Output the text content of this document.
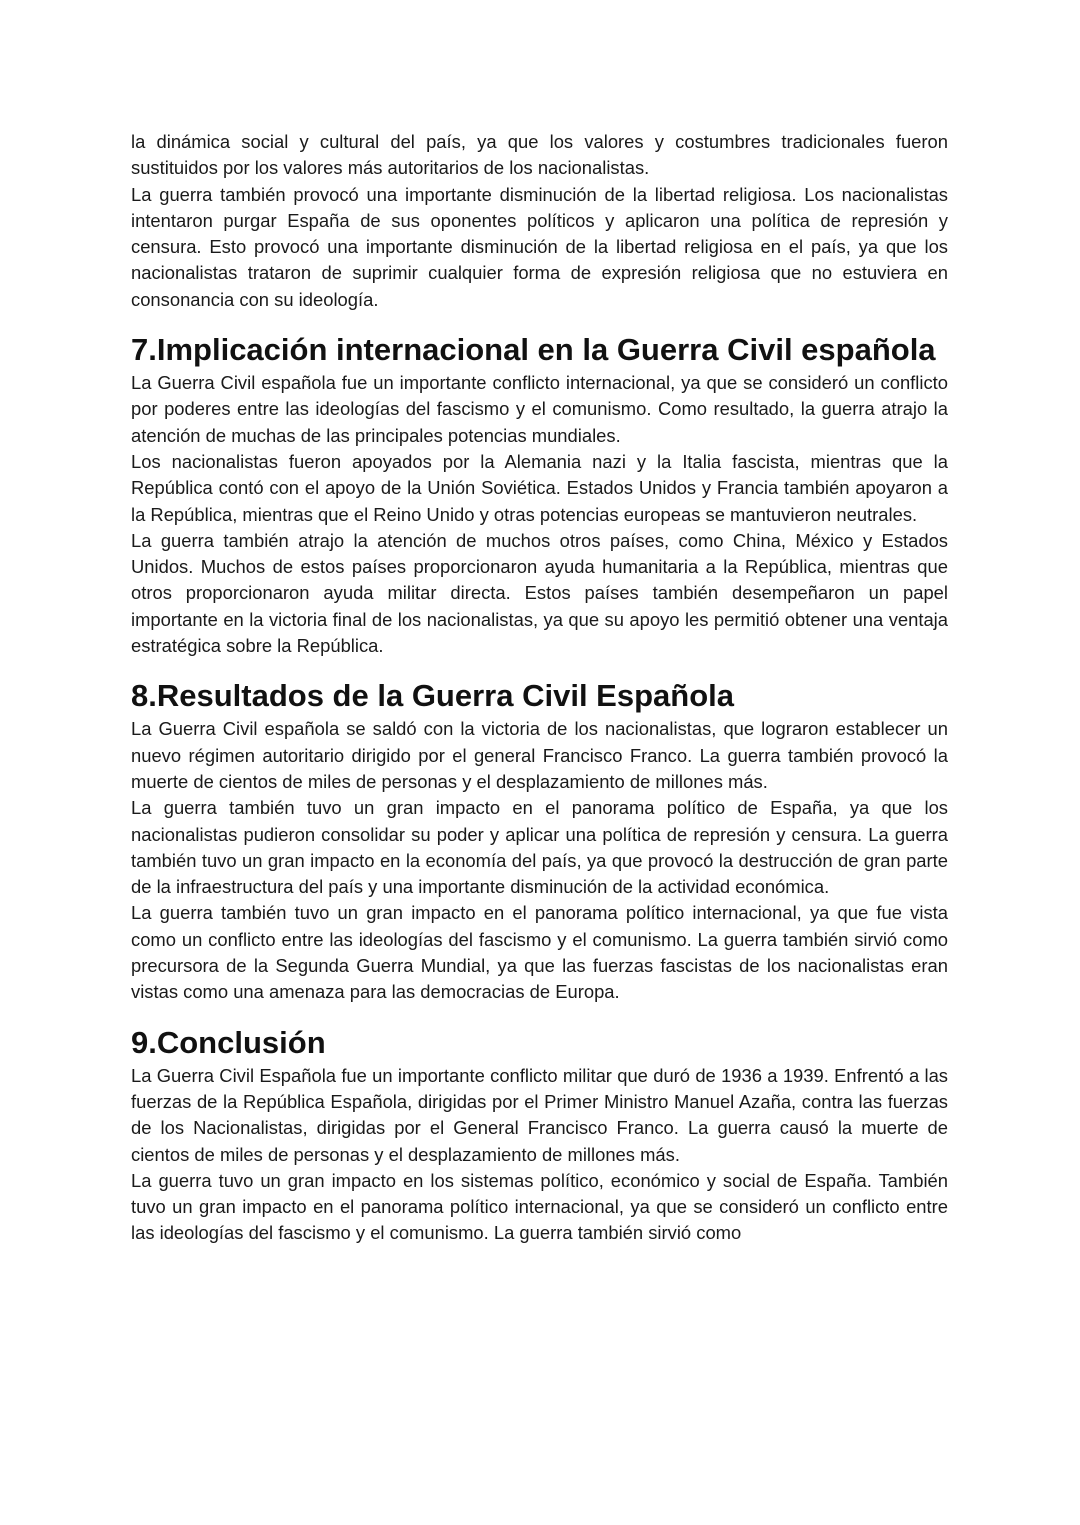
la dinámica social y cultural del país, ya que los valores y costumbres tradicionales fueron sustituidos por los valores más autoritarios de los nacionalistas.

La guerra también provocó una importante disminución de la libertad religiosa. Los nacionalistas intentaron purgar España de sus oponentes políticos y aplicaron una política de represión y censura. Esto provocó una importante disminución de la libertad religiosa en el país, ya que los nacionalistas trataron de suprimir cualquier forma de expresión religiosa que no estuviera en consonancia con su ideología.

7.Implicación internacional en la Guerra Civil española

La Guerra Civil española fue un importante conflicto internacional, ya que se consideró un conflicto por poderes entre las ideologías del fascismo y el comunismo. Como resultado, la guerra atrajo la atención de muchas de las principales potencias mundiales.

Los nacionalistas fueron apoyados por la Alemania nazi y la Italia fascista, mientras que la República contó con el apoyo de la Unión Soviética. Estados Unidos y Francia también apoyaron a la República, mientras que el Reino Unido y otras potencias europeas se mantuvieron neutrales.

La guerra también atrajo la atención de muchos otros países, como China, México y Estados Unidos. Muchos de estos países proporcionaron ayuda humanitaria a la República, mientras que otros proporcionaron ayuda militar directa. Estos países también desempeñaron un papel importante en la victoria final de los nacionalistas, ya que su apoyo les permitió obtener una ventaja estratégica sobre la República.

8.Resultados de la Guerra Civil Española

La Guerra Civil española se saldó con la victoria de los nacionalistas, que lograron establecer un nuevo régimen autoritario dirigido por el general Francisco Franco. La guerra también provocó la muerte de cientos de miles de personas y el desplazamiento de millones más.

La guerra también tuvo un gran impacto en el panorama político de España, ya que los nacionalistas pudieron consolidar su poder y aplicar una política de represión y censura. La guerra también tuvo un gran impacto en la economía del país, ya que provocó la destrucción de gran parte de la infraestructura del país y una importante disminución de la actividad económica.

La guerra también tuvo un gran impacto en el panorama político internacional, ya que fue vista como un conflicto entre las ideologías del fascismo y el comunismo. La guerra también sirvió como precursora de la Segunda Guerra Mundial, ya que las fuerzas fascistas de los nacionalistas eran vistas como una amenaza para las democracias de Europa.

9.Conclusión

La Guerra Civil Española fue un importante conflicto militar que duró de 1936 a 1939. Enfrentó a las fuerzas de la República Española, dirigidas por el Primer Ministro Manuel Azaña, contra las fuerzas de los Nacionalistas, dirigidas por el General Francisco Franco. La guerra causó la muerte de cientos de miles de personas y el desplazamiento de millones más.

La guerra tuvo un gran impacto en los sistemas político, económico y social de España. También tuvo un gran impacto en el panorama político internacional, ya que se consideró un conflicto entre las ideologías del fascismo y el comunismo. La guerra también sirvió como
